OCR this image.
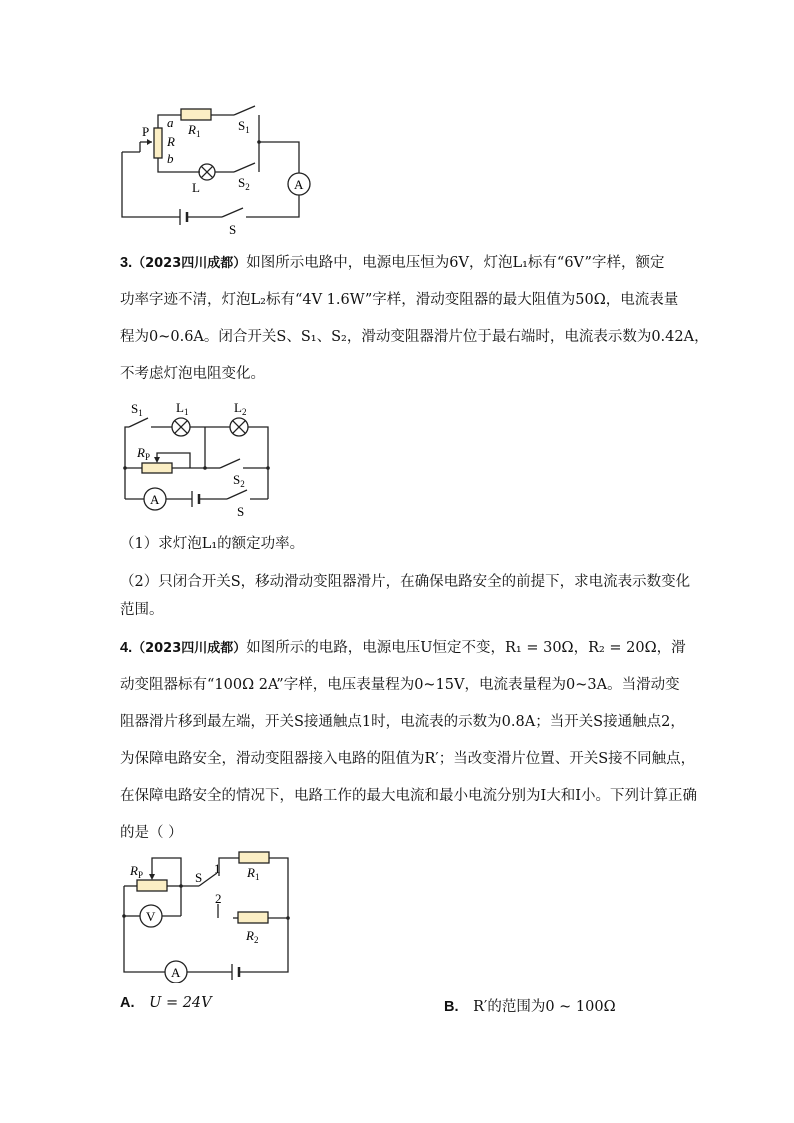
P
a
R
b
$R_1$
$S_1$
L	$S_2$	A
S
3.（2023四川成都）如图所示电路中，电源电压恒为6V，灯泡L₁标有“6V”字样，额定
功率字迹不清，灯泡L₂标有“4V 1.6W”字样，滑动变阻器的最大阻值为50Ω，电流表量
程为0~0.6A。闭合开关S、S₁、S₂，滑动变阻器滑片位于最右端时，电流表示数为0.42A，
不考虑灯泡电阻变化。
$S_1$	$L_1$	$L_2$
$R_P$
$S_2$
A
S
（1）求灯泡L₁的额定功率。
（2）只闭合开关S，移动滑动变阻器滑片，在确保电路安全的前提下，求电流表示数变化
范围。
4.（2023四川成都）如图所示的电路，电源电压U恒定不变，R₁ = 30Ω，R₂ = 20Ω，滑
动变阻器标有“100Ω 2A”字样，电压表量程为0~15V，电流表量程为0~3A。当滑动变
阻器滑片移到最左端，开关S接通触点1时，电流表的示数为0.8A；当开关S接通触点2，
为保障电路安全，滑动变阻器接入电路的阻值为R′；当改变滑片位置、开关S接不同触点，
在保障电路安全的情况下，电路工作的最大电流和最小电流分别为I大和I小。下列计算正确
的是（ ）
$R_P$	S
1
2
$R_1$
$R_2$
V
A
A. U = 24V	B. R′的范围为0 ~ 100Ω
